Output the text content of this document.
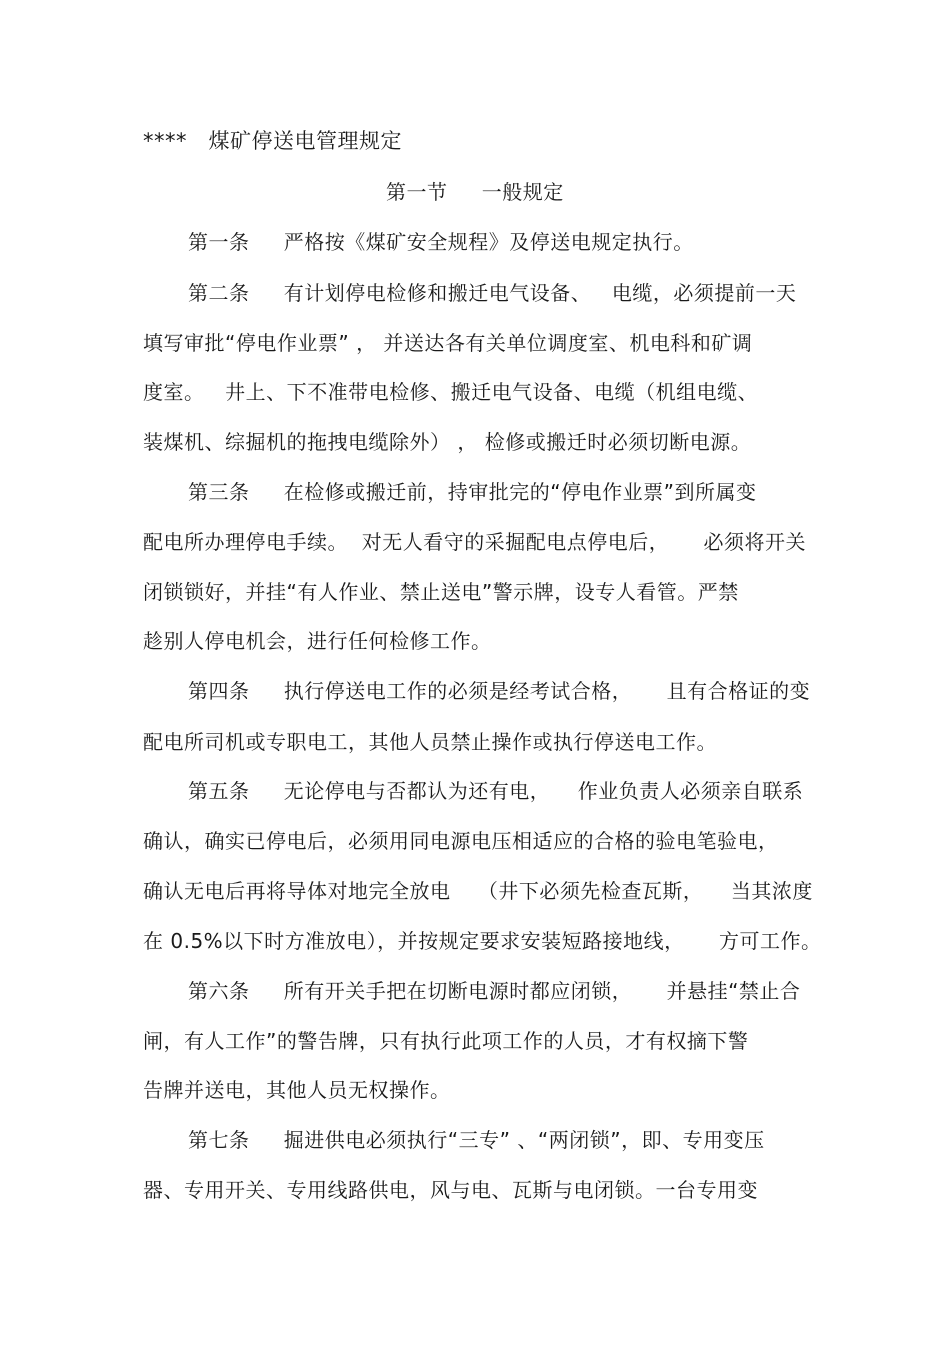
****   煤矿停送电管理规定
第一节     一般规定
第一条     严格按《煤矿安全规程》及停送电规定执行。
第二条     有计划停电检修和搬迁电气设备、   电缆，必须提前一天
填写审批“停电作业票” ， 并送达各有关单位调度室、机电科和矿调
度室。   井上、下不准带电检修、搬迁电气设备、电缆（机组电缆、
装煤机、综掘机的拖拽电缆除外） ， 检修或搬迁时必须切断电源。
第三条     在检修或搬迁前，持审批完的“停电作业票”到所属变
配电所办理停电手续。  对无人看守的采掘配电点停电后，     必须将开关
闭锁锁好，并挂“有人作业、禁止送电”警示牌，设专人看管。严禁
趁别人停电机会，进行任何检修工作。
第四条     执行停送电工作的必须是经考试合格，     且有合格证的变
配电所司机或专职电工，其他人员禁止操作或执行停送电工作。
第五条     无论停电与否都认为还有电，    作业负责人必须亲自联系
确认，确实已停电后，必须用同电源电压相适应的合格的验电笔验电，
确认无电后再将导体对地完全放电    （井下必须先检查瓦斯，    当其浓度
在 0.5%以下时方准放电），并按规定要求安装短路接地线，     方可工作。
第六条     所有开关手把在切断电源时都应闭锁，     并悬挂“禁止合
闸，有人工作”的警告牌，只有执行此项工作的人员，才有权摘下警
告牌并送电，其他人员无权操作。
第七条     掘进供电必须执行“三专” 、“两闭锁”，即、专用变压
器、专用开关、专用线路供电，风与电、瓦斯与电闭锁。一台专用变
